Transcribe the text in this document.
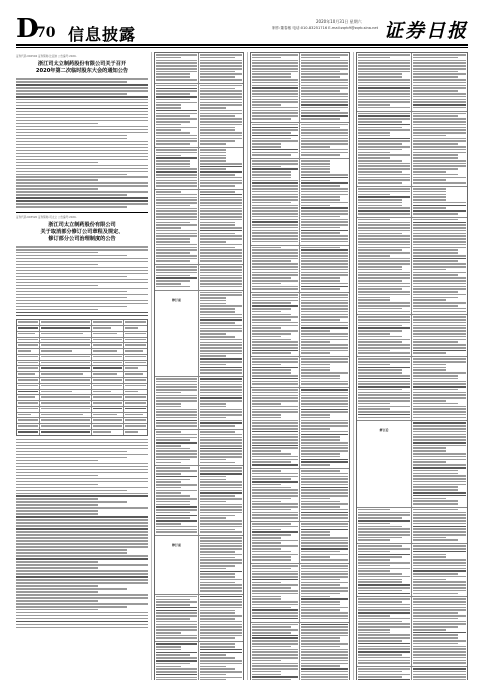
D
70 信息披露
2020年10月31日 星期六
制作:董春敏 电话:010-83251716 E-mail:zqrb9@zqrb.sina.net 证券日报
证券代码:002594 证券简称:比亚迪 公告编号:2020-
浙江司太立制药股份有限公司关于召开
2020年第二次临时股东大会的通知公告
证券代码:603520 证券简称:司太立 公告编号:2020-
浙江司太立制药股份有限公司
关于取消部分修订公司章程及规定、
修订部分公司治理制度的公告
修订前
修订前
修订后
